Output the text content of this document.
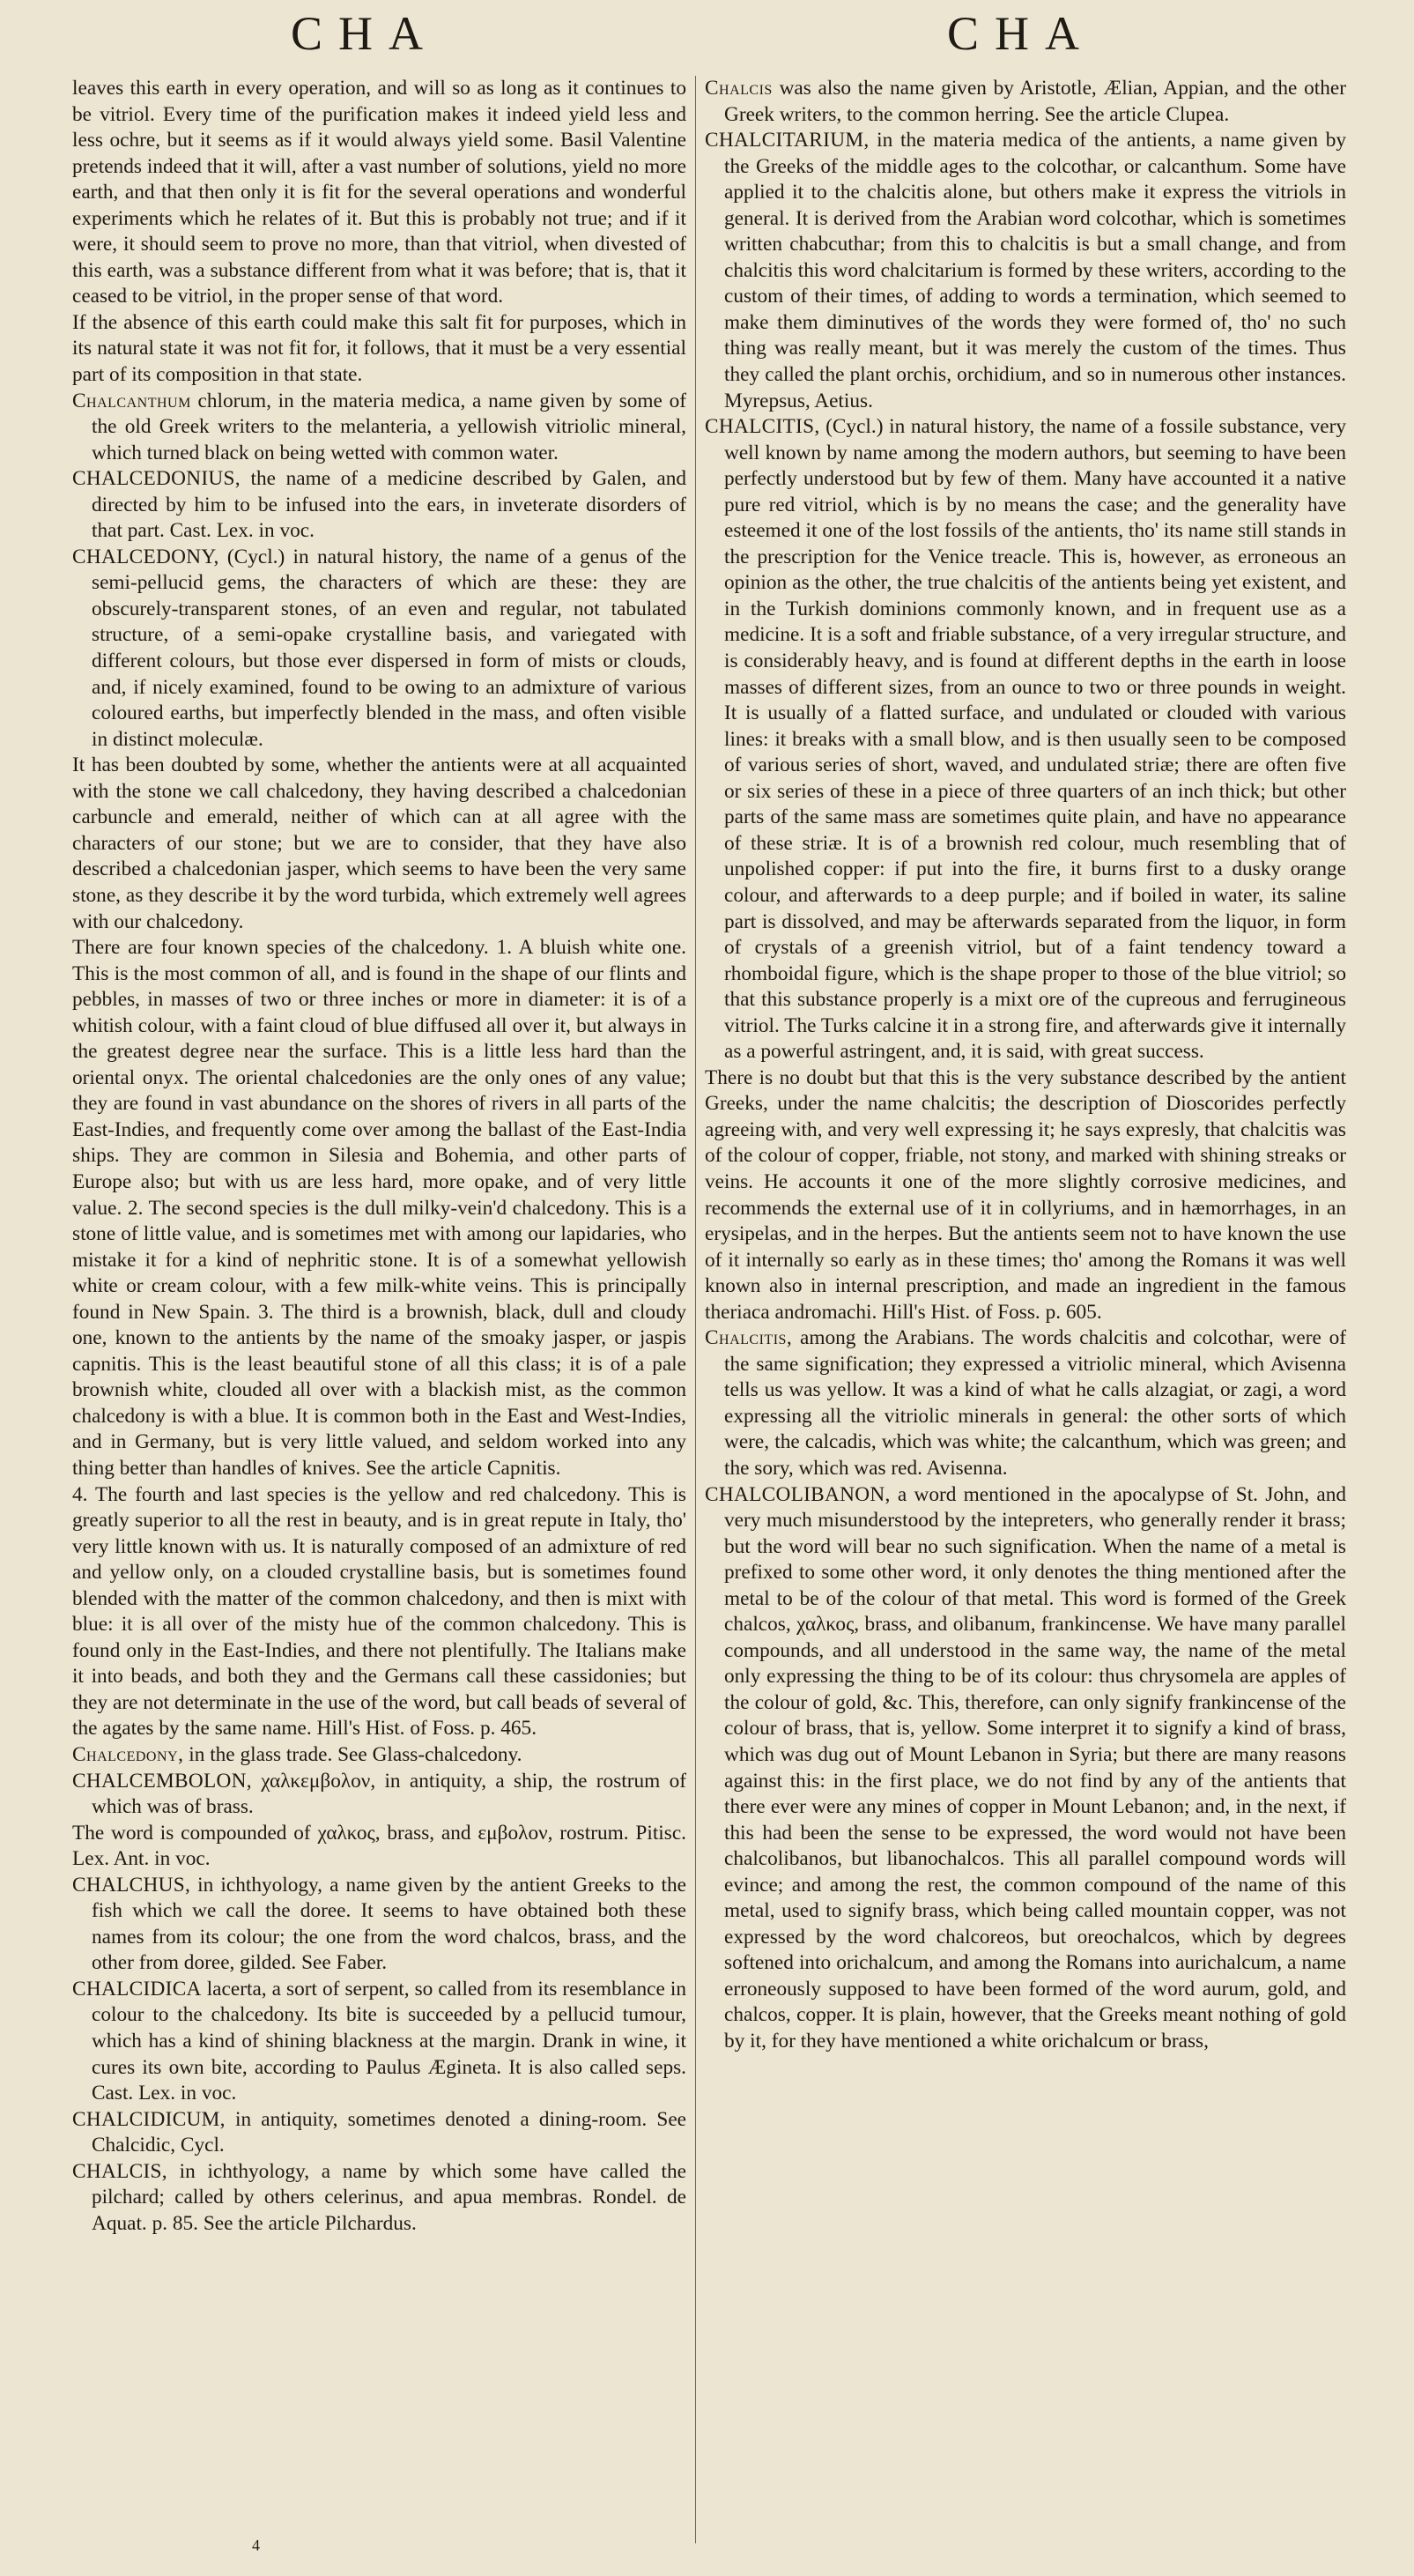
CHA	CHA

leaves this earth in every operation, and will so as long as it continues to be vitriol. Every time of the purification makes it indeed yield less and less ochre, but it seems as if it would always yield some. Basil Valentine pretends indeed that it will, after a vast number of solutions, yield no more earth, and that then only it is fit for the several operations and wonderful experiments which he relates of it. But this is probably not true; and if it were, it should seem to prove no more, than that vitriol, when divested of this earth, was a substance different from what it was before; that is, that it ceased to be vitriol, in the proper sense of that word.

If the absence of this earth could make this salt fit for purposes, which in its natural state it was not fit for, it follows, that it must be a very essential part of its composition in that state.

Chalcanthum chlorum, in the materia medica, a name given by some of the old Greek writers to the melanteria, a yellowish vitriolic mineral, which turned black on being wetted with common water.

CHALCEDONIUS, the name of a medicine described by Galen, and directed by him to be infused into the ears, in inveterate disorders of that part. Cast. Lex. in voc.

CHALCEDONY, (Cycl.) in natural history, the name of a genus of the semi-pellucid gems, the characters of which are these: they are obscurely-transparent stones, of an even and regular, not tabulated structure, of a semi-opake crystalline basis, and variegated with different colours, but those ever dispersed in form of mists or clouds, and, if nicely examined, found to be owing to an admixture of various coloured earths, but imperfectly blended in the mass, and often visible in distinct moleculæ.

It has been doubted by some, whether the antients were at all acquainted with the stone we call chalcedony, they having described a chalcedonian carbuncle and emerald, neither of which can at all agree with the characters of our stone; but we are to consider, that they have also described a chalcedonian jasper, which seems to have been the very same stone, as they describe it by the word turbida, which extremely well agrees with our chalcedony.

There are four known species of the chalcedony. 1. A bluish white one. This is the most common of all, and is found in the shape of our flints and pebbles, in masses of two or three inches or more in diameter: it is of a whitish colour, with a faint cloud of blue diffused all over it, but always in the greatest degree near the surface. This is a little less hard than the oriental onyx. The oriental chalcedonies are the only ones of any value; they are found in vast abundance on the shores of rivers in all parts of the East-Indies, and frequently come over among the ballast of the East-India ships. They are common in Silesia and Bohemia, and other parts of Europe also; but with us are less hard, more opake, and of very little value. 2. The second species is the dull milky-vein'd chalcedony. This is a stone of little value, and is sometimes met with among our lapidaries, who mistake it for a kind of nephritic stone. It is of a somewhat yellowish white or cream colour, with a few milk-white veins. This is principally found in New Spain. 3. The third is a brownish, black, dull and cloudy one, known to the antients by the name of the smoaky jasper, or jaspis capnitis. This is the least beautiful stone of all this class; it is of a pale brownish white, clouded all over with a blackish mist, as the common chalcedony is with a blue. It is common both in the East and West-Indies, and in Germany, but is very little valued, and seldom worked into any thing better than handles of knives. See the article Capnitis.

4. The fourth and last species is the yellow and red chalcedony. This is greatly superior to all the rest in beauty, and is in great repute in Italy, tho' very little known with us. It is naturally composed of an admixture of red and yellow only, on a clouded crystalline basis, but is sometimes found blended with the matter of the common chalcedony, and then is mixt with blue: it is all over of the misty hue of the common chalcedony. This is found only in the East-Indies, and there not plentifully. The Italians make it into beads, and both they and the Germans call these cassidonies; but they are not determinate in the use of the word, but call beads of several of the agates by the same name. Hill's Hist. of Foss. p. 465.

Chalcedony, in the glass trade. See Glass-chalcedony.

CHALCEMBOLON, χαλκεμβολον, in antiquity, a ship, the rostrum of which was of brass.

The word is compounded of χαλκος, brass, and εμβολον, rostrum. Pitisc. Lex. Ant. in voc.

CHALCHUS, in ichthyology, a name given by the antient Greeks to the fish which we call the doree. It seems to have obtained both these names from its colour; the one from the word chalcos, brass, and the other from doree, gilded. See Faber.

CHALCIDICA lacerta, a sort of serpent, so called from its resemblance in colour to the chalcedony. Its bite is succeeded by a pellucid tumour, which has a kind of shining blackness at the margin. Drank in wine, it cures its own bite, according to Paulus Ægineta. It is also called seps. Cast. Lex. in voc.

CHALCIDICUM, in antiquity, sometimes denoted a dining-room. See Chalcidic, Cycl.

CHALCIS, in ichthyology, a name by which some have called the pilchard; called by others celerinus, and apua membras. Rondel. de Aquat. p. 85. See the article Pilchardus.

Chalcis was also the name given by Aristotle, Ælian, Appian, and the other Greek writers, to the common herring. See the article Clupea.

CHALCITARIUM, in the materia medica of the antients, a name given by the Greeks of the middle ages to the colcothar, or calcanthum. Some have applied it to the chalcitis alone, but others make it express the vitriols in general. It is derived from the Arabian word colcothar, which is sometimes written chabcuthar; from this to chalcitis is but a small change, and from chalcitis this word chalcitarium is formed by these writers, according to the custom of their times, of adding to words a termination, which seemed to make them diminutives of the words they were formed of, tho' no such thing was really meant, but it was merely the custom of the times. Thus they called the plant orchis, orchidium, and so in numerous other instances. Myrepsus, Aetius.

CHALCITIS, (Cycl.) in natural history, the name of a fossile substance, very well known by name among the modern authors, but seeming to have been perfectly understood but by few of them. Many have accounted it a native pure red vitriol, which is by no means the case; and the generality have esteemed it one of the lost fossils of the antients, tho' its name still stands in the prescription for the Venice treacle. This is, however, as erroneous an opinion as the other, the true chalcitis of the antients being yet existent, and in the Turkish dominions commonly known, and in frequent use as a medicine. It is a soft and friable substance, of a very irregular structure, and is considerably heavy, and is found at different depths in the earth in loose masses of different sizes, from an ounce to two or three pounds in weight. It is usually of a flatted surface, and undulated or clouded with various lines: it breaks with a small blow, and is then usually seen to be composed of various series of short, waved, and undulated striæ; there are often five or six series of these in a piece of three quarters of an inch thick; but other parts of the same mass are sometimes quite plain, and have no appearance of these striæ. It is of a brownish red colour, much resembling that of unpolished copper: if put into the fire, it burns first to a dusky orange colour, and afterwards to a deep purple; and if boiled in water, its saline part is dissolved, and may be afterwards separated from the liquor, in form of crystals of a greenish vitriol, but of a faint tendency toward a rhomboidal figure, which is the shape proper to those of the blue vitriol; so that this substance properly is a mixt ore of the cupreous and ferrugineous vitriol. The Turks calcine it in a strong fire, and afterwards give it internally as a powerful astringent, and, it is said, with great success.

There is no doubt but that this is the very substance described by the antient Greeks, under the name chalcitis; the description of Dioscorides perfectly agreeing with, and very well expressing it; he says expresly, that chalcitis was of the colour of copper, friable, not stony, and marked with shining streaks or veins. He accounts it one of the more slightly corrosive medicines, and recommends the external use of it in collyriums, and in hæmorrhages, in an erysipelas, and in the herpes. But the antients seem not to have known the use of it internally so early as in these times; tho' among the Romans it was well known also in internal prescription, and made an ingredient in the famous theriaca andromachi. Hill's Hist. of Foss. p. 605.

Chalcitis, among the Arabians. The words chalcitis and colcothar, were of the same signification; they expressed a vitriolic mineral, which Avisenna tells us was yellow. It was a kind of what he calls alzagiat, or zagi, a word expressing all the vitriolic minerals in general: the other sorts of which were, the calcadis, which was white; the calcanthum, which was green; and the sory, which was red. Avisenna.

CHALCOLIBANON, a word mentioned in the apocalypse of St. John, and very much misunderstood by the intepreters, who generally render it brass; but the word will bear no such signification. When the name of a metal is prefixed to some other word, it only denotes the thing mentioned after the metal to be of the colour of that metal. This word is formed of the Greek chalcos, χαλκος, brass, and olibanum, frankincense. We have many parallel compounds, and all understood in the same way, the name of the metal only expressing the thing to be of its colour: thus chrysomela are apples of the colour of gold, &c. This, therefore, can only signify frankincense of the colour of brass, that is, yellow. Some interpret it to signify a kind of brass, which was dug out of Mount Lebanon in Syria; but there are many reasons against this: in the first place, we do not find by any of the antients that there ever were any mines of copper in Mount Lebanon; and, in the next, if this had been the sense to be expressed, the word would not have been chalcolibanos, but libanochalcos. This all parallel compound words will evince; and among the rest, the common compound of the name of this metal, used to signify brass, which being called mountain copper, was not expressed by the word chalcoreos, but oreochalcos, which by degrees softened into orichalcum, and among the Romans into aurichalcum, a name erroneously supposed to have been formed of the word aurum, gold, and chalcos, copper. It is plain, however, that the Greeks meant nothing of gold by it, for they have mentioned a white orichalcum or brass,

4
